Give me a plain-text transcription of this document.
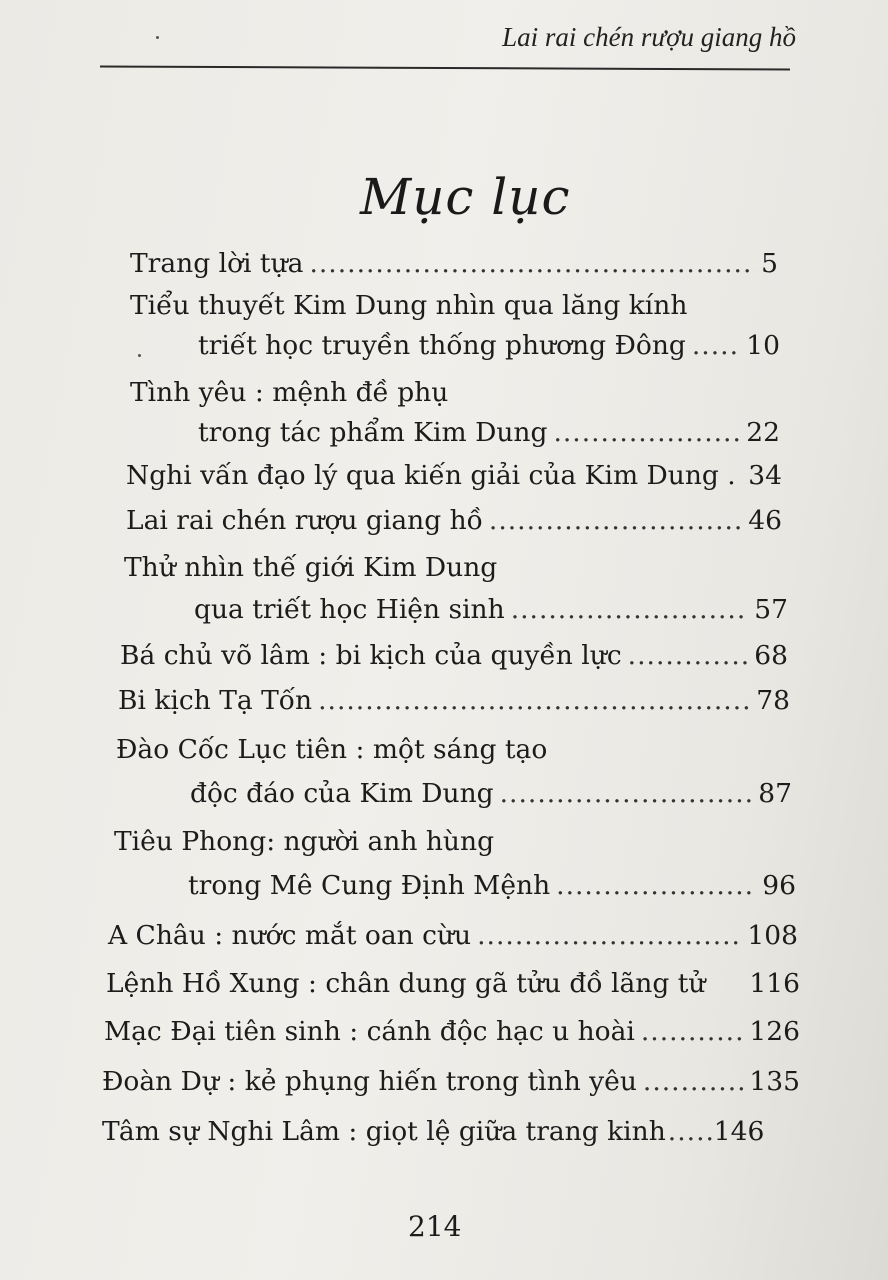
Lai rai chén rượu giang hồ
Mục lục
Trang lời tựa .....	5
Tiểu thuyết Kim Dung nhìn qua lăng kính
triết học truyền thống phương Đông ..... 10
Tình yêu : mệnh đề phụ
trong tác phẩm Kim Dung .....	22
Nghi vấn đạo lý qua kiến giải của Kim Dung . 34
Lai rai chén rượu giang hồ .....	46
Thử nhìn thế giới Kim Dung
qua triết học Hiện sinh .....	57
Bá chủ võ lâm : bi kịch của quyền lực .....	68
Bi kịch Tạ Tốn .....	78
Đào Cốc Lục tiên : một sáng tạo
độc đáo của Kim Dung .....	87
Tiêu Phong: người anh hùng
trong Mê Cung Định Mệnh .....	96
A Châu : nước mắt oan cừu .....	108
Lệnh Hồ Xung : chân dung gã tửu đồ lãng tử 116
Mạc Đại tiên sinh : cánh độc hạc u hoài .....	126
Đoàn Dự : kẻ phụng hiến trong tình yêu .....	135
Tâm sự Nghi Lâm : giọt lệ giữa trang kinh ..... 146
214
